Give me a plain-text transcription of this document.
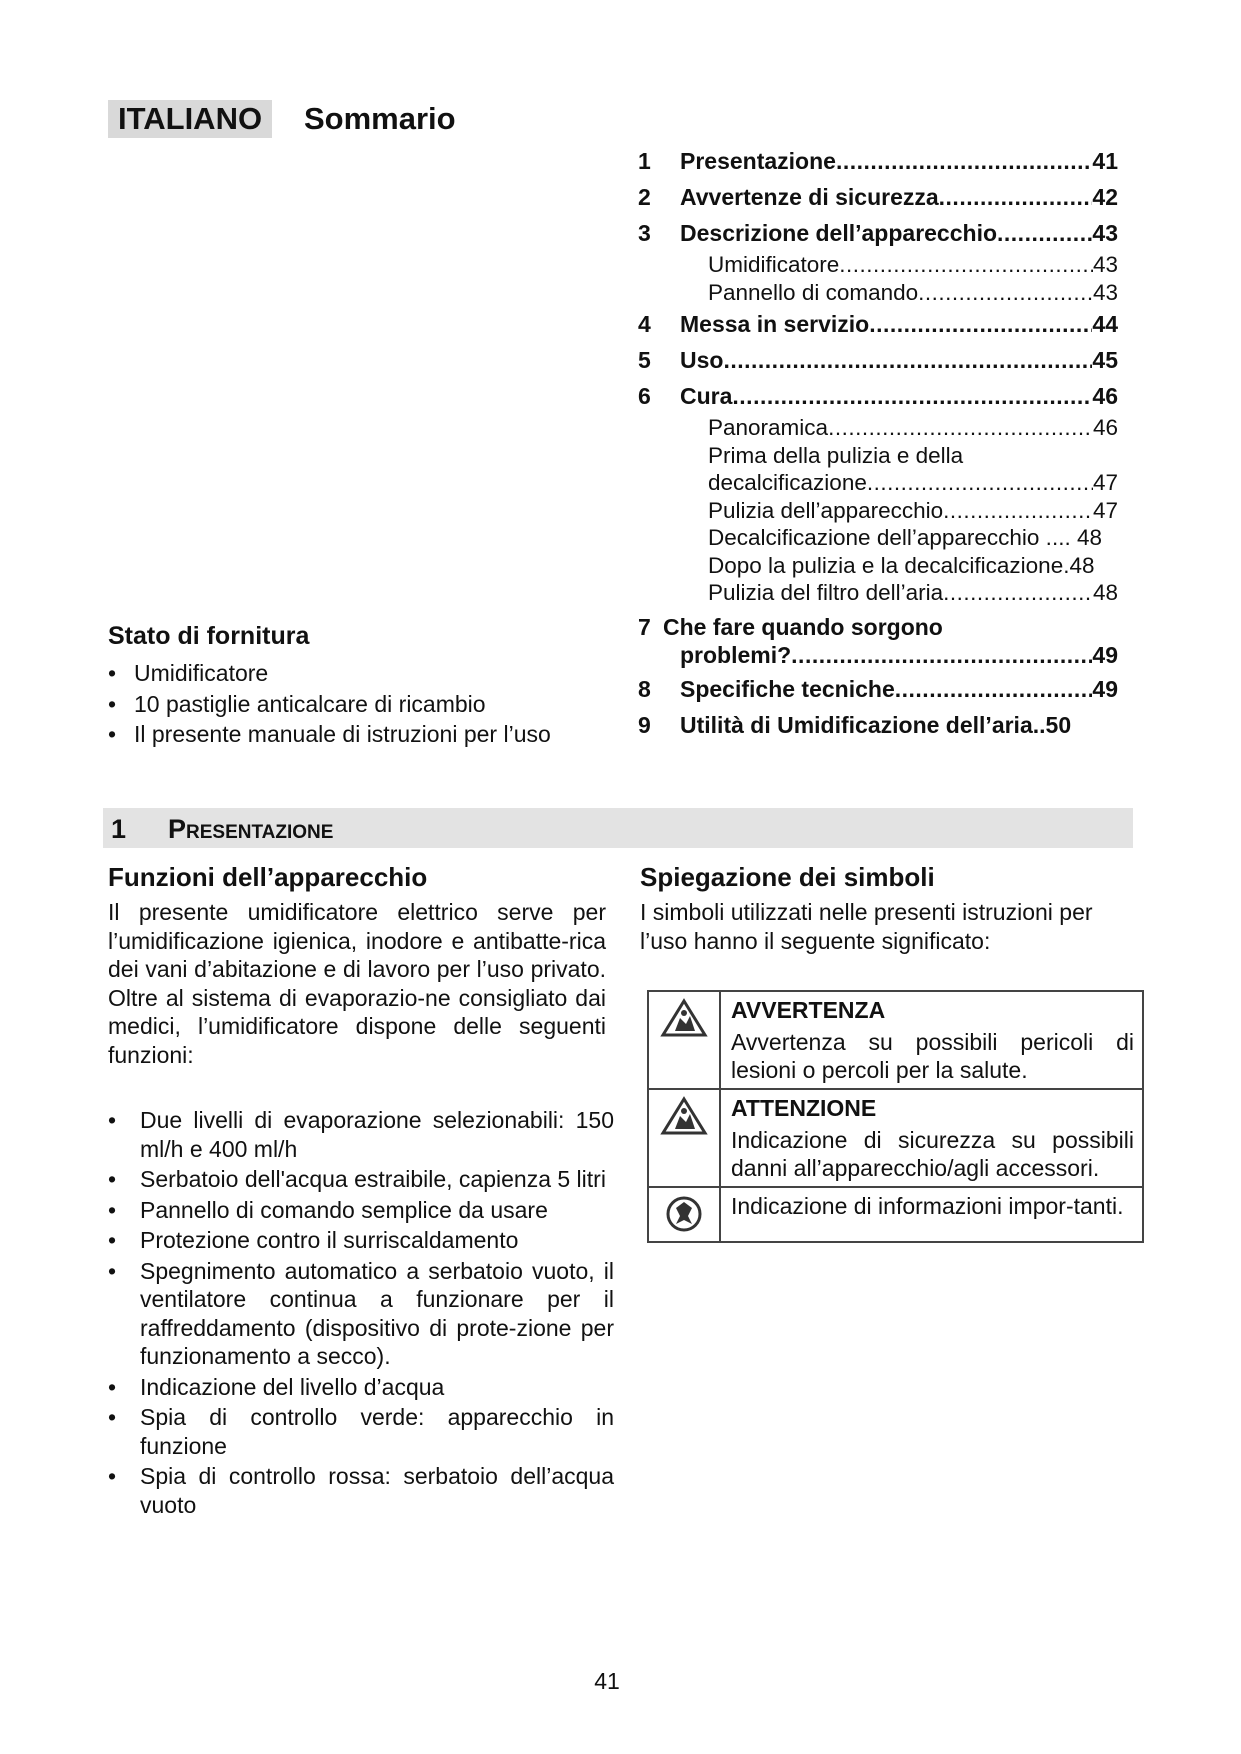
ITALIANO	Sommario
1	Presentazione .....	41
2	Avvertenze di sicurezza .....	42
3	Descrizione dell’apparecchio .....	43
Umidificatore .....	43
Pannello di comando .....	43
4	Messa in servizio .....	44
5	Uso .....	45
6	Cura .....	46
Panoramica .....	46
Prima della pulizia e della
decalcificazione .....	47
Pulizia dell’apparecchio .....	47
Decalcificazione dell’apparecchio .... 48
Dopo la pulizia e la decalcificazione.48
Pulizia del filtro dell’aria .....	48
7 Che fare quando sorgono
problemi? .....	49
8	Specifiche tecniche .....	49
9	Utilità di Umidificazione dell’aria.. 50
Stato di fornitura
• Umidificatore
• 10 pastiglie anticalcare di ricambio
• Il presente manuale di istruzioni per l’uso
1 Presentazione
Funzioni dell’apparecchio
Il presente umidificatore elettrico serve per l’umidificazione igienica, inodore e antibatte-rica dei vani d’abitazione e di lavoro per l’uso privato. Oltre al sistema di evaporazio-ne consigliato dai medici, l’umidificatore dispone delle seguenti funzioni:
• Due livelli di evaporazione selezionabili: 150 ml/h e 400 ml/h
• Serbatoio dell'acqua estraibile, capienza 5 litri
• Pannello di comando semplice da usare
• Protezione contro il surriscaldamento
• Spegnimento automatico a serbatoio vuoto, il ventilatore continua a funzionare per il raffreddamento (dispositivo di prote-zione per funzionamento a secco).
• Indicazione del livello d’acqua
• Spia di controllo verde: apparecchio in funzione
• Spia di controllo rossa: serbatoio dell’acqua vuoto
Spiegazione dei simboli
I simboli utilizzati nelle presenti istruzioni per l’uso hanno il seguente significato:

AVVERTENZA
Avvertenza su possibili pericoli di lesioni o percoli per la salute.

ATTENZIONE
Indicazione di sicurezza su possibili danni all’apparecchio/agli accessori.

Indicazione di informazioni impor-tanti.
41
